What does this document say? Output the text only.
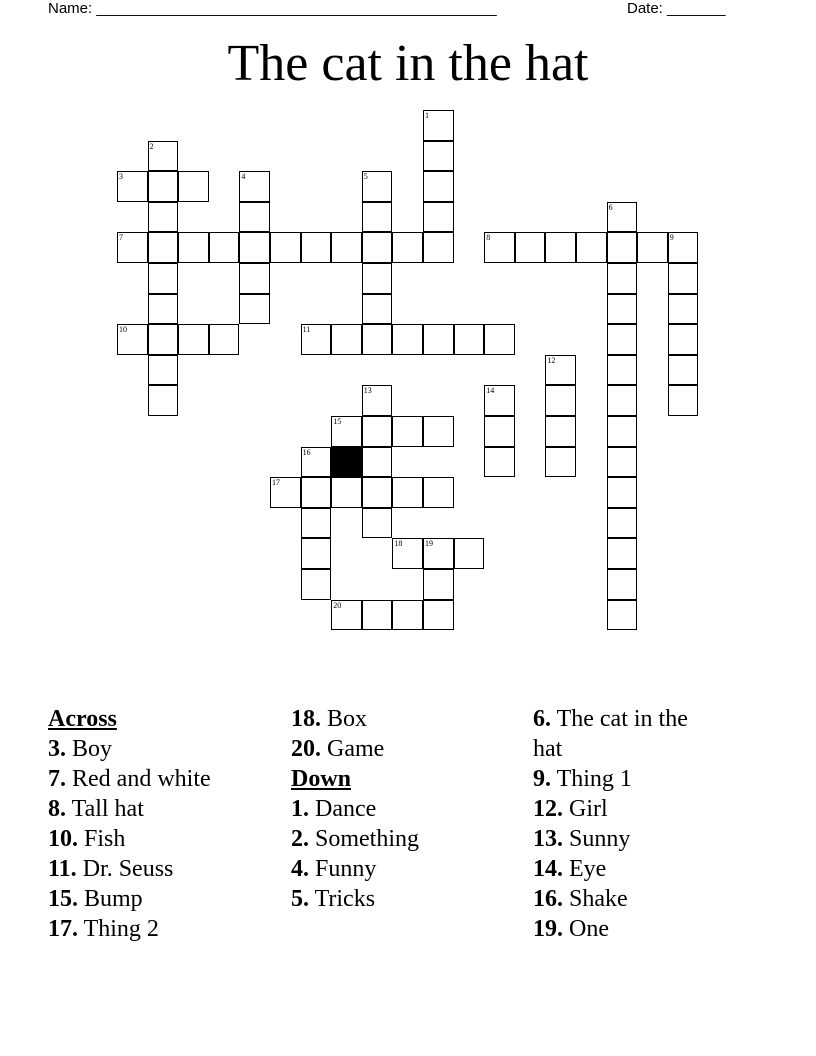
Name: ________________________________________________	Date: _______
The cat in the hat
1
2
3	4	5
6
7	8	9
10	11
12
13	14
15
16
17
18	19
20
Across
3. Boy
7. Red and white
8. Tall hat
10. Fish
11. Dr. Seuss
15. Bump
17. Thing 2
18. Box
20. Game
Down
1. Dance
2. Something
4. Funny
5. Tricks
6. The cat in the hat
9. Thing 1
12. Girl
13. Sunny
14. Eye
16. Shake
19. One
